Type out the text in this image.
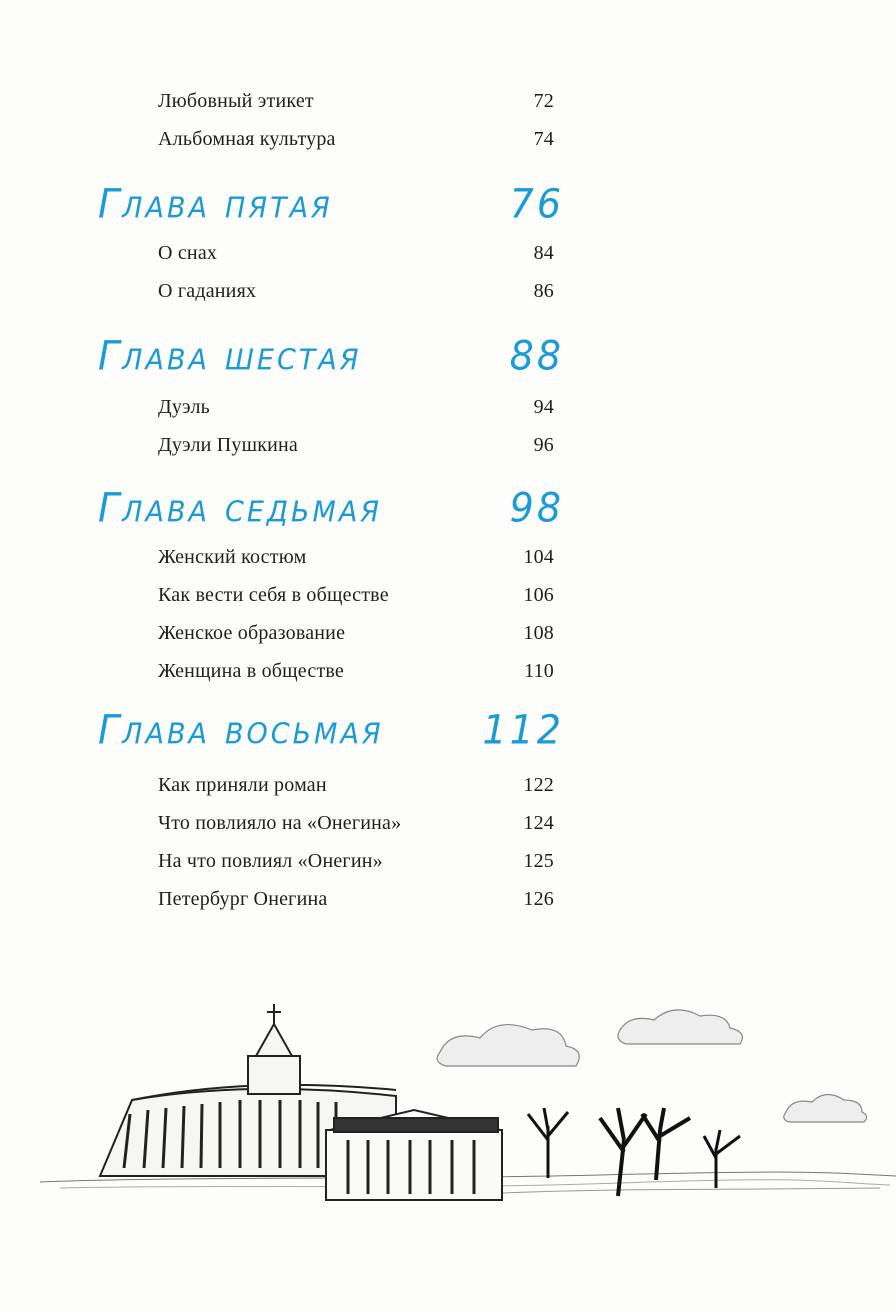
Любовный этикет	72
Альбомная культура	74
Глава пятая	76
О снах	84
О гаданиях	86
Глава шестая	88
Дуэль	94
Дуэли Пушкина	96
Глава седьмая	98
Женский костюм	104
Как вести себя в обществе	106
Женское образование	108
Женщина в обществе	110
Глава восьмая	112
Как приняли роман	122
Что повлияло на «Онегина»	124
На что повлиял «Онегин»	125
Петербург Онегина	126
